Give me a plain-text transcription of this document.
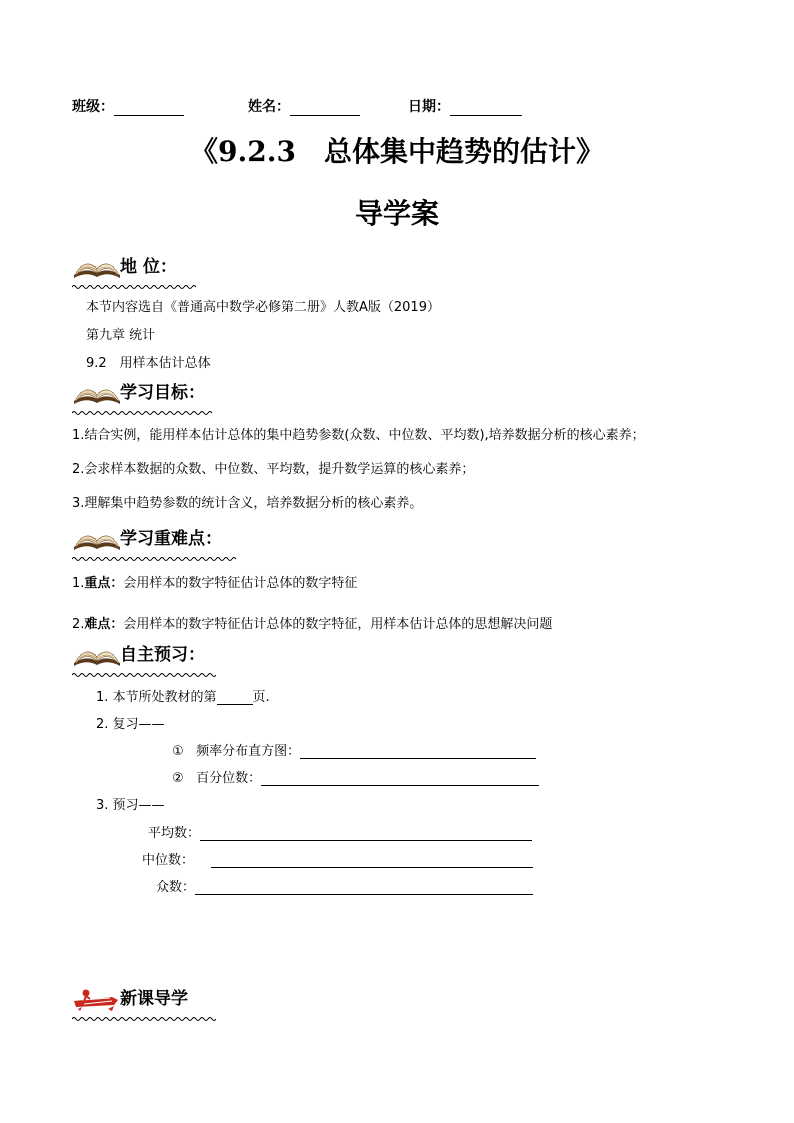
班级：	姓名：	日期：
《9.2.3　总体集中趋势的估计》
导学案
地 位：
本节内容选自《普通高中数学必修第二册》人教A版（2019）
第九章 统计
9.2　用样本估计总体
学习目标：
1.结合实例，能用样本估计总体的集中趋势参数(众数、中位数、平均数),培养数据分析的核心素养；
2.会求样本数据的众数、中位数、平均数，提升数学运算的核心素养；
3.理解集中趋势参数的统计含义，培养数据分析的核心素养。
学习重难点：
1.重点：会用样本的数字特征估计总体的数字特征
2.难点：会用样本的数字特征估计总体的数字特征，用样本估计总体的思想解决问题
自主预习：
1. 本节所处教材的第	页.
2. 复习——
① 频率分布直方图：
② 百分位数：
3. 预习——
平均数：
中位数：
众数：
新课导学
